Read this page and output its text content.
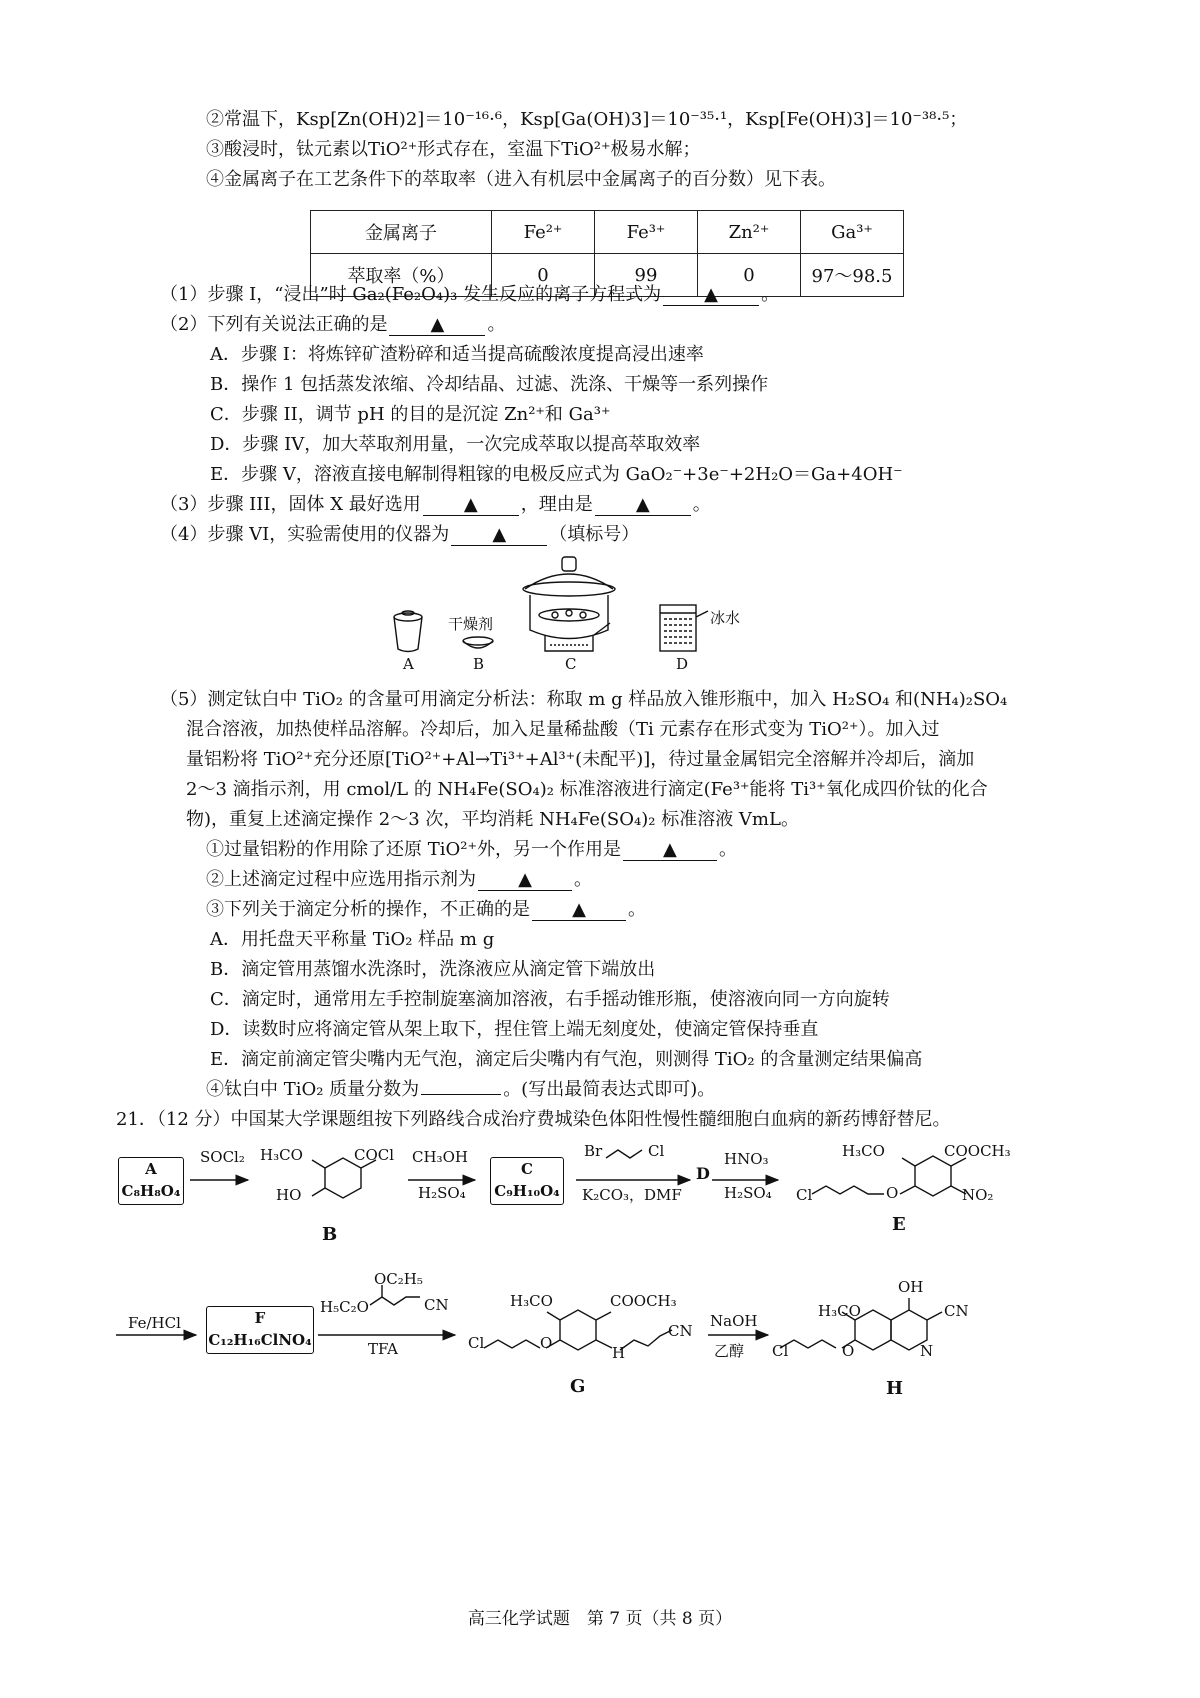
②常温下，Ksp[Zn(OH)2]＝10⁻¹⁶·⁶，Ksp[Ga(OH)3]＝10⁻³⁵·¹，Ksp[Fe(OH)3]＝10⁻³⁸·⁵；
③酸浸时，钛元素以TiO²⁺形式存在，室温下TiO²⁺极易水解；
④金属离子在工艺条件下的萃取率（进入有机层中金属离子的百分数）见下表。
金属离子	Fe²⁺	Fe³⁺	Zn²⁺	Ga³⁺
萃取率（%）	0	99	0	97～98.5
（1）步骤 I，“浸出”时 Ga₂(Fe₂O₄)₃ 发生反应的离子方程式为 ▲ 。
（2）下列有关说法正确的是 ▲ 。
A．步骤 I：将炼锌矿渣粉碎和适当提高硫酸浓度提高浸出速率
B．操作 1 包括蒸发浓缩、冷却结晶、过滤、洗涤、干燥等一系列操作
C．步骤 II，调节 pH 的目的是沉淀 Zn²⁺和 Ga³⁺
D．步骤 IV，加大萃取剂用量，一次完成萃取以提高萃取效率
E．步骤 V，溶液直接电解制得粗镓的电极反应式为 GaO₂⁻+3e⁻+2H₂O＝Ga+4OH⁻
（3）步骤 III，固体 X 最好选用 ▲ ，理由是 ▲ 。
（4）步骤 VI，实验需使用的仪器为 ▲ （填标号）
干燥剂	冰水
A	B	C	D
（5）测定钛白中 TiO₂ 的含量可用滴定分析法：称取 m g 样品放入锥形瓶中，加入 H₂SO₄ 和(NH₄)₂SO₄
混合溶液，加热使样品溶解。冷却后，加入足量稀盐酸（Ti 元素存在形式变为 TiO²⁺）。加入过
量铝粉将 TiO²⁺充分还原[TiO²⁺+Al→Ti³⁺+Al³⁺(未配平)]，待过量金属铝完全溶解并冷却后，滴加
2～3 滴指示剂，用 cmol/L 的 NH₄Fe(SO₄)₂ 标准溶液进行滴定(Fe³⁺能将 Ti³⁺氧化成四价钛的化合
物)，重复上述滴定操作 2～3 次，平均消耗 NH₄Fe(SO₄)₂ 标准溶液 VmL。
①过量铝粉的作用除了还原 TiO²⁺外，另一个作用是 ▲ 。
②上述滴定过程中应选用指示剂为 ▲ 。
③下列关于滴定分析的操作，不正确的是 ▲ 。
A．用托盘天平称量 TiO₂ 样品 m g
B．滴定管用蒸馏水洗涤时，洗涤液应从滴定管下端放出
C．滴定时，通常用左手控制旋塞滴加溶液，右手摇动锥形瓶，使溶液向同一方向旋转
D．读数时应将滴定管从架上取下，捏住管上端无刻度处，使滴定管保持垂直
E．滴定前滴定管尖嘴内无气泡，滴定后尖嘴内有气泡，则测得 TiO₂ 的含量测定结果偏高
④钛白中 TiO₂ 质量分数为	。(写出最简表达式即可)。
21．（12 分）中国某大学课题组按下列路线合成治疗费城染色体阳性慢性髓细胞白血病的新药博舒替尼。
A
C₈H₈O₄
SOCl₂ H₃CO	COCl
HO
B
CH₃OH
H₂SO₄
C
C₉H₁₀O₄
Br	Cl
K₂CO₃，DMF
D
HNO₃
H₂SO₄
H₃CO	COOCH₃
Cl	O	NO₂
E
Fe/HCl	F
C₁₂H₁₆ClNO₄
OC₂H₅
H₅C₂O	CN
TFA
H₃CO	COOCH₃
Cl	O
H
CN
G
NaOH
乙醇
OH
H₃CO	CN
Cl	O	N
H
高三化学试题　第 7 页（共 8 页）
